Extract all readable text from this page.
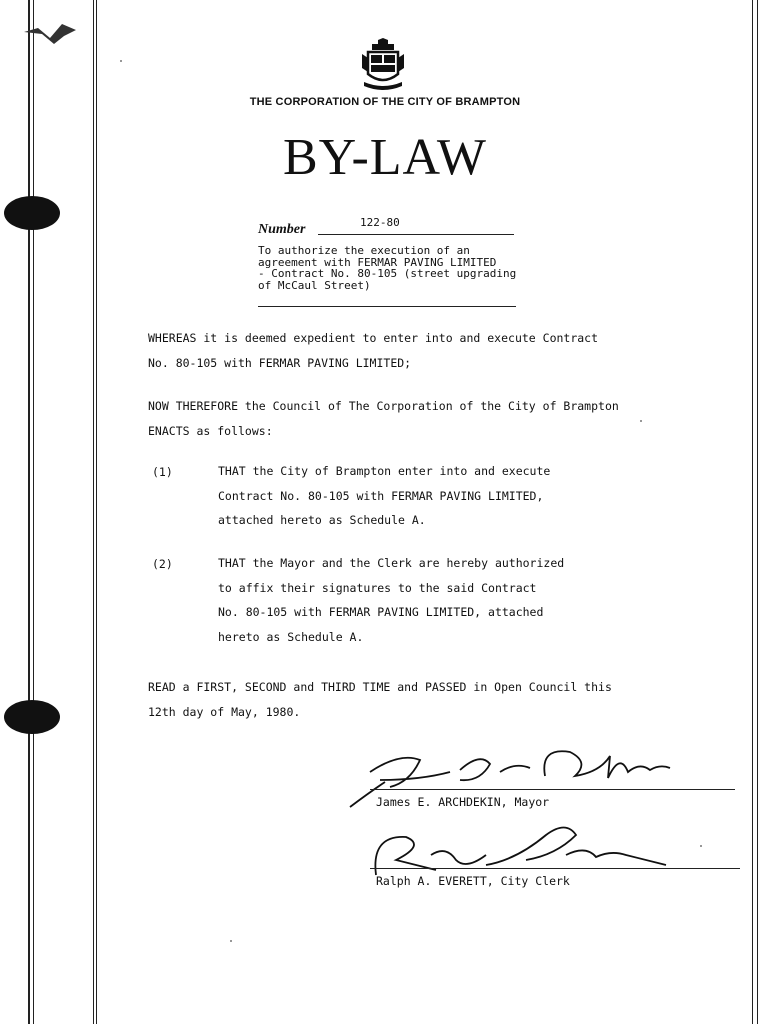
THE CORPORATION OF THE CITY OF BRAMPTON
BY-LAW
Number	122-80
To authorize the execution of an
agreement with FERMAR PAVING LIMITED
- Contract No. 80-105 (street upgrading
of McCaul Street)
WHEREAS it is deemed expedient to enter into and execute Contract
No. 80-105 with FERMAR PAVING LIMITED;
NOW THEREFORE the Council of The Corporation of the City of Brampton
ENACTS as follows:
(1)	THAT the City of Brampton enter into and execute
Contract No. 80-105 with FERMAR PAVING LIMITED,
attached hereto as Schedule A.
(2)	THAT the Mayor and the Clerk are hereby authorized
to affix their signatures to the said Contract
No. 80-105 with FERMAR PAVING LIMITED, attached
hereto as Schedule A.
READ a FIRST, SECOND and THIRD TIME and PASSED in Open Council this
12th day of May, 1980.
James E. ARCHDEKIN, Mayor
Ralph A. EVERETT, City Clerk
